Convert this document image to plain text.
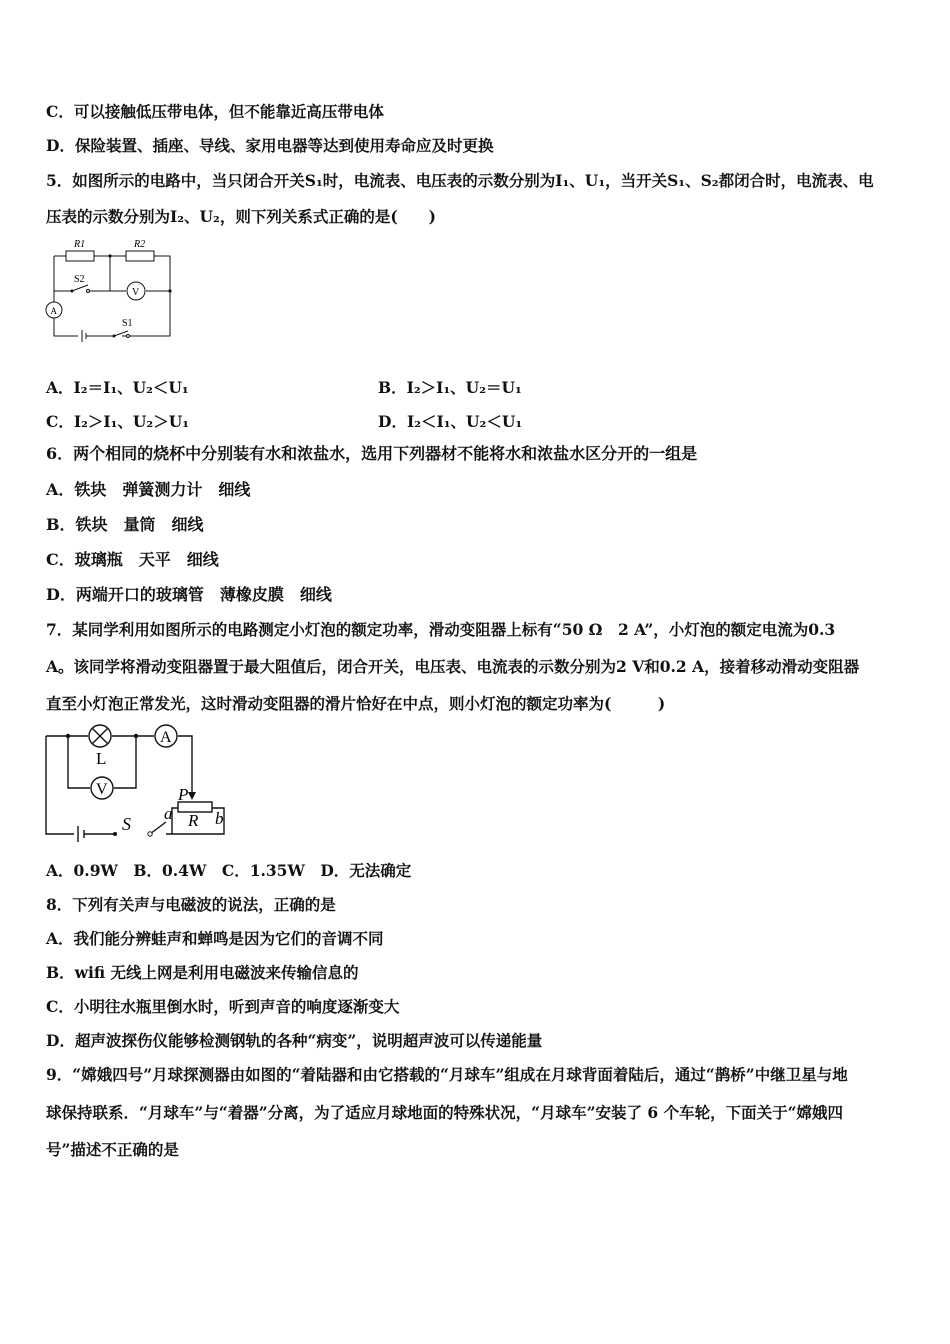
C．可以接触低压带电体，但不能靠近高压带电体
D．保险装置、插座、导线、家用电器等达到使用寿命应及时更换
5．如图所示的电路中，当只闭合开关S₁时，电流表、电压表的示数分别为I₁、U₁，当开关S₁、S₂都闭合时，电流表、电
压表的示数分别为I₂、U₂，则下列关系式正确的是(　　)
R1	R2
S2
A
V
S1
A．I₂＝I₁、U₂＜U₁	B．I₂＞I₁、U₂＝U₁
C．I₂＞I₁、U₂＞U₁	D．I₂＜I₁、U₂＜U₁
6．两个相同的烧杯中分别装有水和浓盐水，选用下列器材不能将水和浓盐水区分开的一组是
A．铁块　弹簧测力计　细线
B．铁块　量筒　细线
C．玻璃瓶　天平　细线
D．两端开口的玻璃管　薄橡皮膜　细线
7．某同学利用如图所示的电路测定小灯泡的额定功率，滑动变阻器上标有“50 Ω　2 A”，小灯泡的额定电流为0.3
A。该同学将滑动变阻器置于最大阻值后，闭合开关，电压表、电流表的示数分别为2 V和0.2 A，接着移动滑动变阻器
直至小灯泡正常发光，这时滑动变阻器的滑片恰好在中点，则小灯泡的额定功率为(　　　)
L
A
V	P
a R b
S
A．0.9W　B．0.4W　C．1.35W　D．无法确定
8．下列有关声与电磁波的说法，正确的是
A．我们能分辨蛙声和蝉鸣是因为它们的音调不同
B．wifi 无线上网是利用电磁波来传输信息的
C．小明往水瓶里倒水时，听到声音的响度逐渐变大
D．超声波探伤仪能够检测钢轨的各种“病变”，说明超声波可以传递能量
9．“嫦娥四号”月球探测器由如图的“着陆器和由它搭载的“月球车”组成在月球背面着陆后，通过“鹊桥”中继卫星与地
球保持联系．“月球车”与“着器”分离，为了适应月球地面的特殊状况，“月球车”安装了 6 个车轮，下面关于“嫦娥四
号”描述不正确的是
